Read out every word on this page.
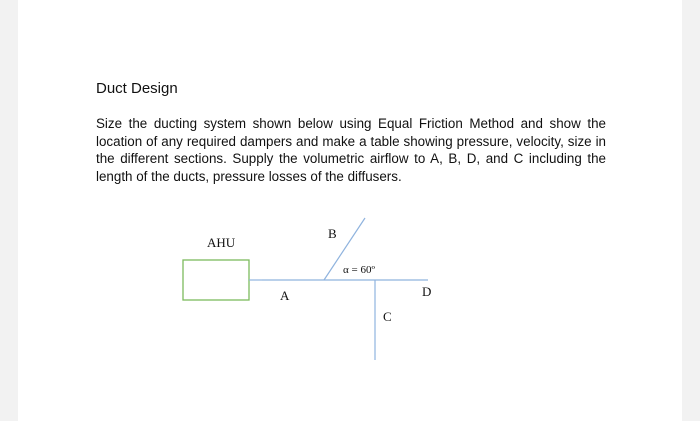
Duct Design
Size the ducting system shown below using Equal Friction Method and show the location of any required dampers and make a table showing pressure, velocity, size in the different sections. Supply the volumetric airflow to A, B, D, and C including the length of the ducts, pressure losses of the diffusers.
AHU
A
B
α = 60º
D
C
